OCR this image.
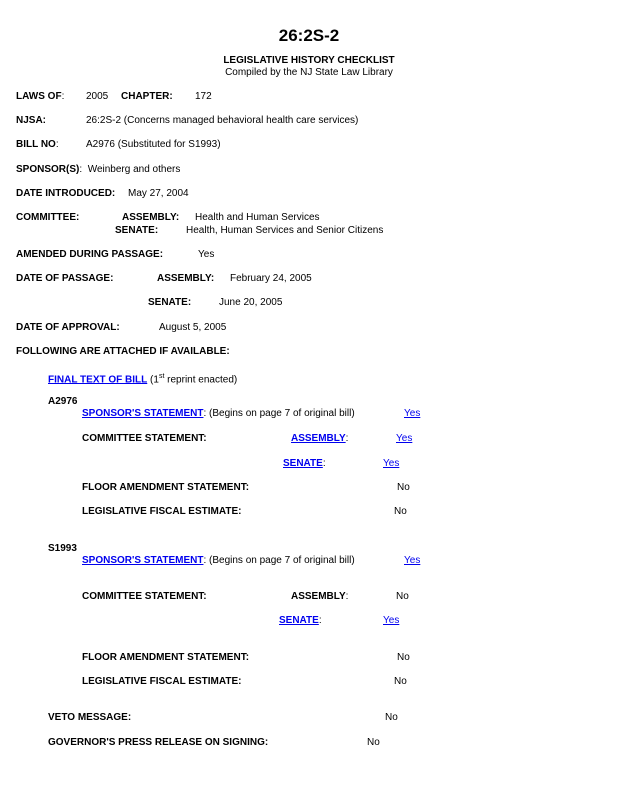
26:2S-2
LEGISLATIVE HISTORY CHECKLIST
Compiled by the NJ State Law Library
LAWS OF: 2005 CHAPTER: 172
NJSA:	26:2S-2 (Concerns managed behavioral health care services)
BILL NO:	A2976 (Substituted for S1993)
SPONSOR(S): Weinberg and others
DATE INTRODUCED: May 27, 2004
COMMITTEE:	ASSEMBLY: Health and Human Services
SENATE:	Health, Human Services and Senior Citizens
AMENDED DURING PASSAGE:	Yes
DATE OF PASSAGE:	ASSEMBLY: February 24, 2005
SENATE:	June 20, 2005
DATE OF APPROVAL:	August 5, 2005
FOLLOWING ARE ATTACHED IF AVAILABLE:
FINAL TEXT OF BILL (1st reprint enacted)
A2976
SPONSOR'S STATEMENT: (Begins on page 7 of original bill)	Yes
COMMITTEE STATEMENT:	ASSEMBLY:	Yes
SENATE:	Yes
FLOOR AMENDMENT STATEMENT:	No
LEGISLATIVE FISCAL ESTIMATE:	No
S1993
SPONSOR'S STATEMENT: (Begins on page 7 of original bill)	Yes
COMMITTEE STATEMENT:	ASSEMBLY:	No
SENATE:	Yes
FLOOR AMENDMENT STATEMENT:	No
LEGISLATIVE FISCAL ESTIMATE:	No
VETO MESSAGE:	No
GOVERNOR'S PRESS RELEASE ON SIGNING:	No
